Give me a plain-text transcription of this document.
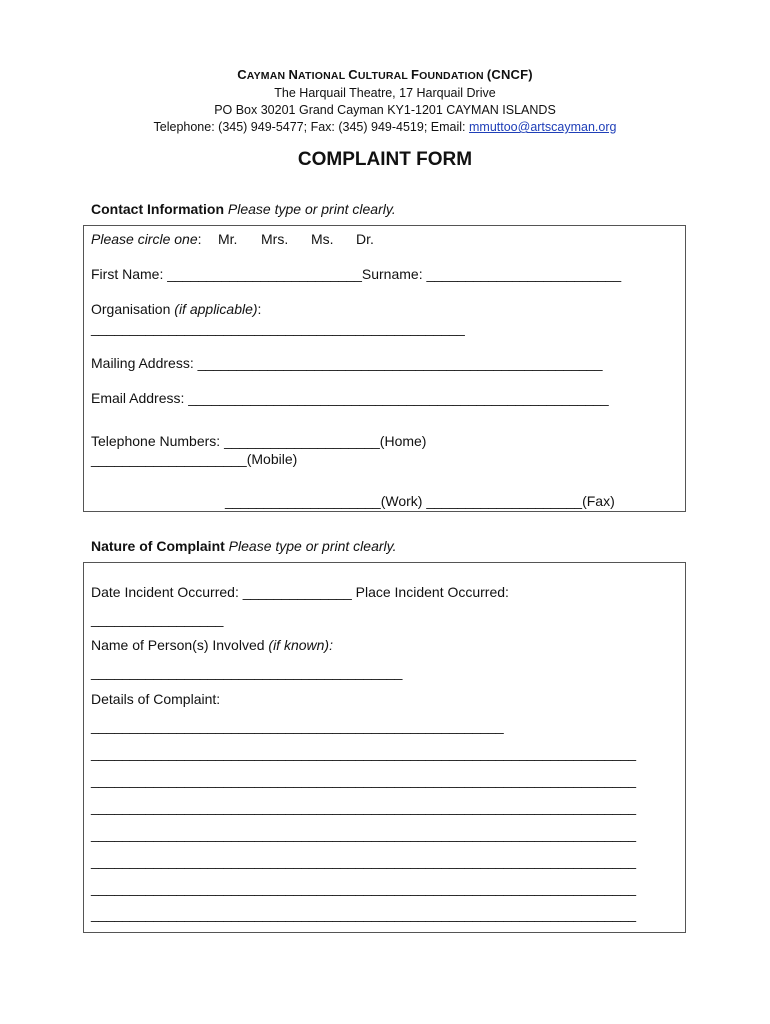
CAYMAN NATIONAL CULTURAL FOUNDATION (CNCF)
The Harquail Theatre, 17 Harquail Drive
PO Box 30201 Grand Cayman KY1-1201 CAYMAN ISLANDS
Telephone: (345) 949-5477; Fax: (345) 949-4519; Email: mmuttoo@artscayman.org
COMPLAINT FORM
Contact Information Please type or print clearly.
Please circle one: Mr. Mrs. Ms. Dr.
First Name: _________________________Surname: _________________________
Organisation (if applicable):
________________________________________________
Mailing Address: ____________________________________________________
Email Address: ______________________________________________________
Telephone Numbers: ____________________(Home)
____________________(Mobile)
____________________(Work) ____________________(Fax)
Nature of Complaint Please type or print clearly.
Date Incident Occurred: ______________ Place Incident Occurred:
_________________
Name of Person(s) Involved (if known):
________________________________________
Details of Complaint:
_____________________________________________________
______________________________________________________________________
______________________________________________________________________
______________________________________________________________________
______________________________________________________________________
______________________________________________________________________
______________________________________________________________________
______________________________________________________________________
